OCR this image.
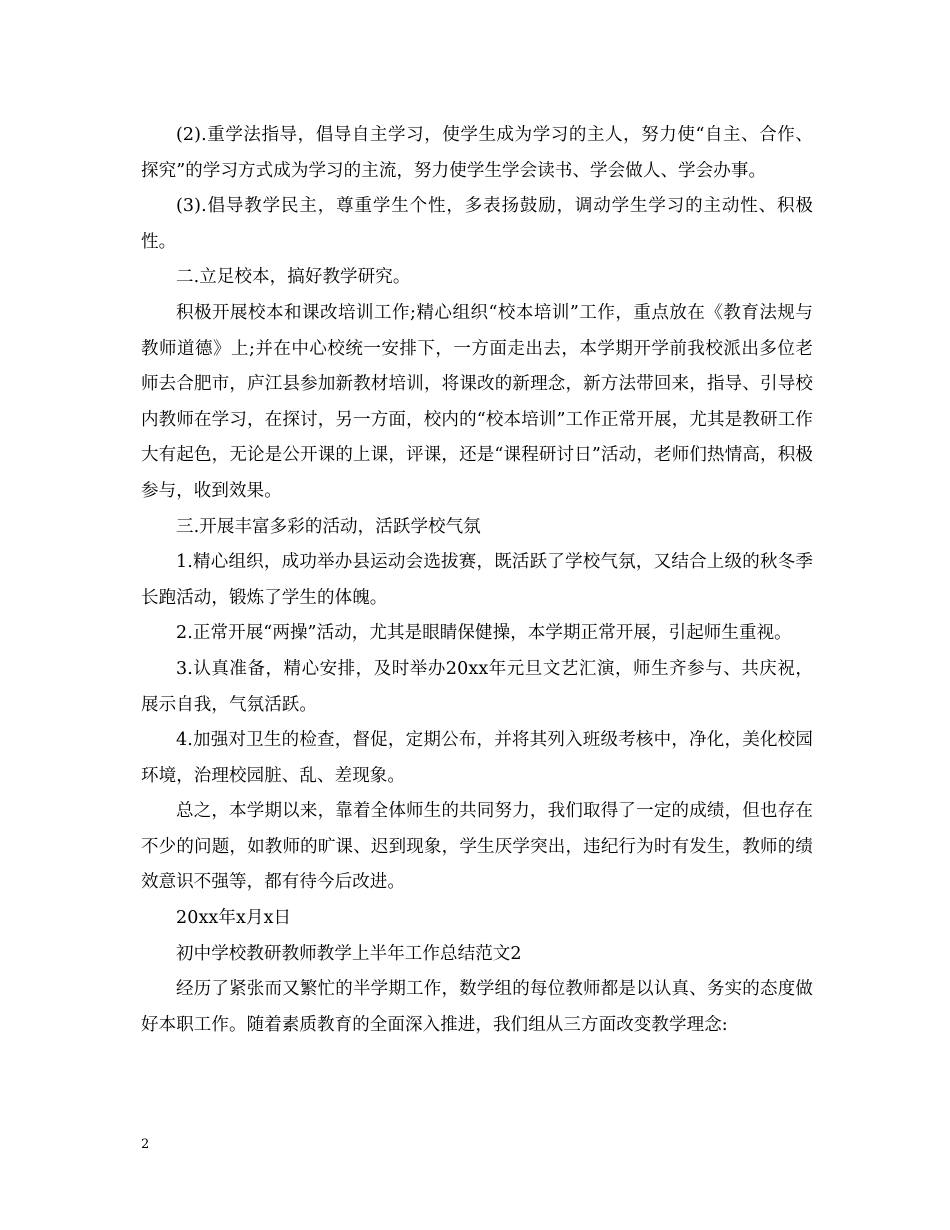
(2).重学法指导，倡导自主学习，使学生成为学习的主人，努力使“自主、合作、探究”的学习方式成为学习的主流，努力使学生学会读书、学会做人、学会办事。

(3).倡导教学民主，尊重学生个性，多表扬鼓励，调动学生学习的主动性、积极性。

二.立足校本，搞好教学研究。

积极开展校本和课改培训工作;精心组织“校本培训”工作，重点放在《教育法规与教师道德》上;并在中心校统一安排下，一方面走出去，本学期开学前我校派出多位老师去合肥市，庐江县参加新教材培训，将课改的新理念，新方法带回来，指导、引导校内教师在学习，在探讨，另一方面，校内的“校本培训”工作正常开展，尤其是教研工作大有起色，无论是公开课的上课，评课，还是“课程研讨日”活动，老师们热情高，积极参与，收到效果。

三.开展丰富多彩的活动，活跃学校气氛

1.精心组织，成功举办县运动会选拔赛，既活跃了学校气氛，又结合上级的秋冬季长跑活动，锻炼了学生的体魄。

2.正常开展“两操”活动，尤其是眼睛保健操，本学期正常开展，引起师生重视。

3.认真准备，精心安排，及时举办20xx年元旦文艺汇演，师生齐参与、共庆祝，展示自我，气氛活跃。

4.加强对卫生的检查，督促，定期公布，并将其列入班级考核中，净化，美化校园环境，治理校园脏、乱、差现象。

总之，本学期以来，靠着全体师生的共同努力，我们取得了一定的成绩，但也存在不少的问题，如教师的旷课、迟到现象，学生厌学突出，违纪行为时有发生，教师的绩效意识不强等，都有待今后改进。

20xx年x月x日

初中学校教研教师教学上半年工作总结范文2

经历了紧张而又繁忙的半学期工作，数学组的每位教师都是以认真、务实的态度做好本职工作。随着素质教育的全面深入推进，我们组从三方面改变教学理念:

2
